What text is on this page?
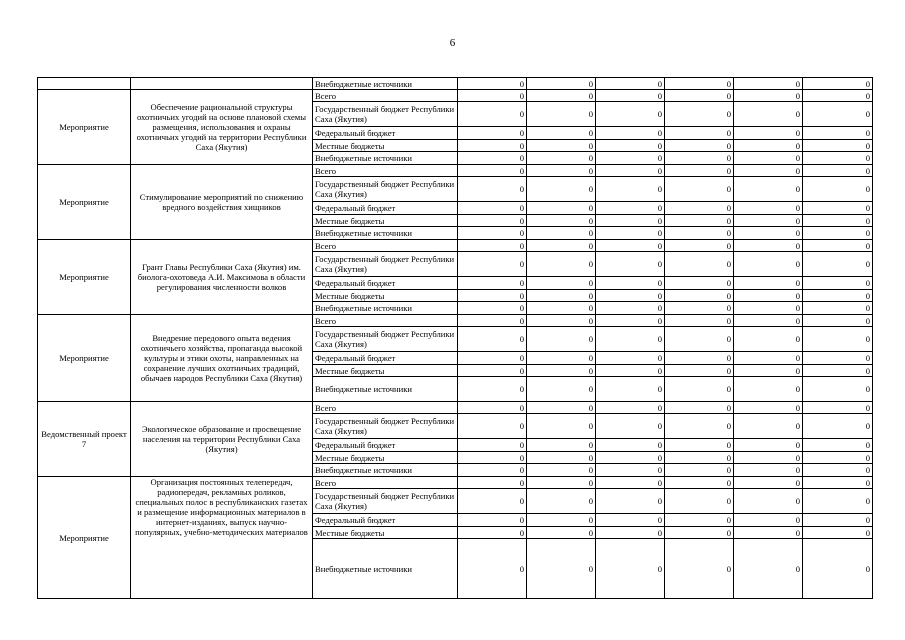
6
		Внебюджетные источники	0	0	0	0	0	0
Мероприятие	Обеспечение рациональной структуры охотничьих угодий на основе плановой схемы размещения, использования и охраны охотничьих угодий на территории Республики Саха (Якутия)	Всего	0	0	0	0	0	0
		Государственный бюджет Республики Саха (Якутия)	0	0	0	0	0	0
		Федеральный бюджет	0	0	0	0	0	0
		Местные бюджеты	0	0	0	0	0	0
		Внебюджетные источники	0	0	0	0	0	0
Мероприятие	Стимулирование мероприятий по снижению вредного воздействия хищников	Всего	0	0	0	0	0	0
		Государственный бюджет Республики Саха (Якутия)	0	0	0	0	0	0
		Федеральный бюджет	0	0	0	0	0	0
		Местные бюджеты	0	0	0	0	0	0
		Внебюджетные источники	0	0	0	0	0	0
Мероприятие	Грант Главы Республики Саха (Якутия) им. биолога-охотоведа А.И. Максимова в области регулирования численности волков	Всего	0	0	0	0	0	0
		Государственный бюджет Республики Саха (Якутия)	0	0	0	0	0	0
		Федеральный бюджет	0	0	0	0	0	0
		Местные бюджеты	0	0	0	0	0	0
		Внебюджетные источники	0	0	0	0	0	0
Мероприятие	Внедрение передового опыта ведения охотничьего хозяйства, пропаганда высокой культуры и этики охоты, направленных на сохранение лучших охотничьих традиций, обычаев народов Республики Саха (Якутия)	Всего	0	0	0	0	0	0
		Государственный бюджет Республики Саха (Якутия)	0	0	0	0	0	0
		Федеральный бюджет	0	0	0	0	0	0
		Местные бюджеты	0	0	0	0	0	0
		Внебюджетные источники	0	0	0	0	0	0
Ведомственный проект 7	Экологическое образование и просвещение населения на территории Республики Саха (Якутия)	Всего	0	0	0	0	0	0
		Государственный бюджет Республики Саха (Якутия)	0	0	0	0	0	0
		Федеральный бюджет	0	0	0	0	0	0
		Местные бюджеты	0	0	0	0	0	0
		Внебюджетные источники	0	0	0	0	0	0
Мероприятие	Организация постоянных телепередач, радиопередач, рекламных роликов, специальных полос в республиканских газетах и размещение информационных материалов в интернет-изданиях, выпуск научно-популярных, учебно-методических материалов	Всего	0	0	0	0	0	0
		Государственный бюджет Республики Саха (Якутия)	0	0	0	0	0	0
		Федеральный бюджет	0	0	0	0	0	0
		Местные бюджеты	0	0	0	0	0	0
		Внебюджетные источники	0	0	0	0	0	0
